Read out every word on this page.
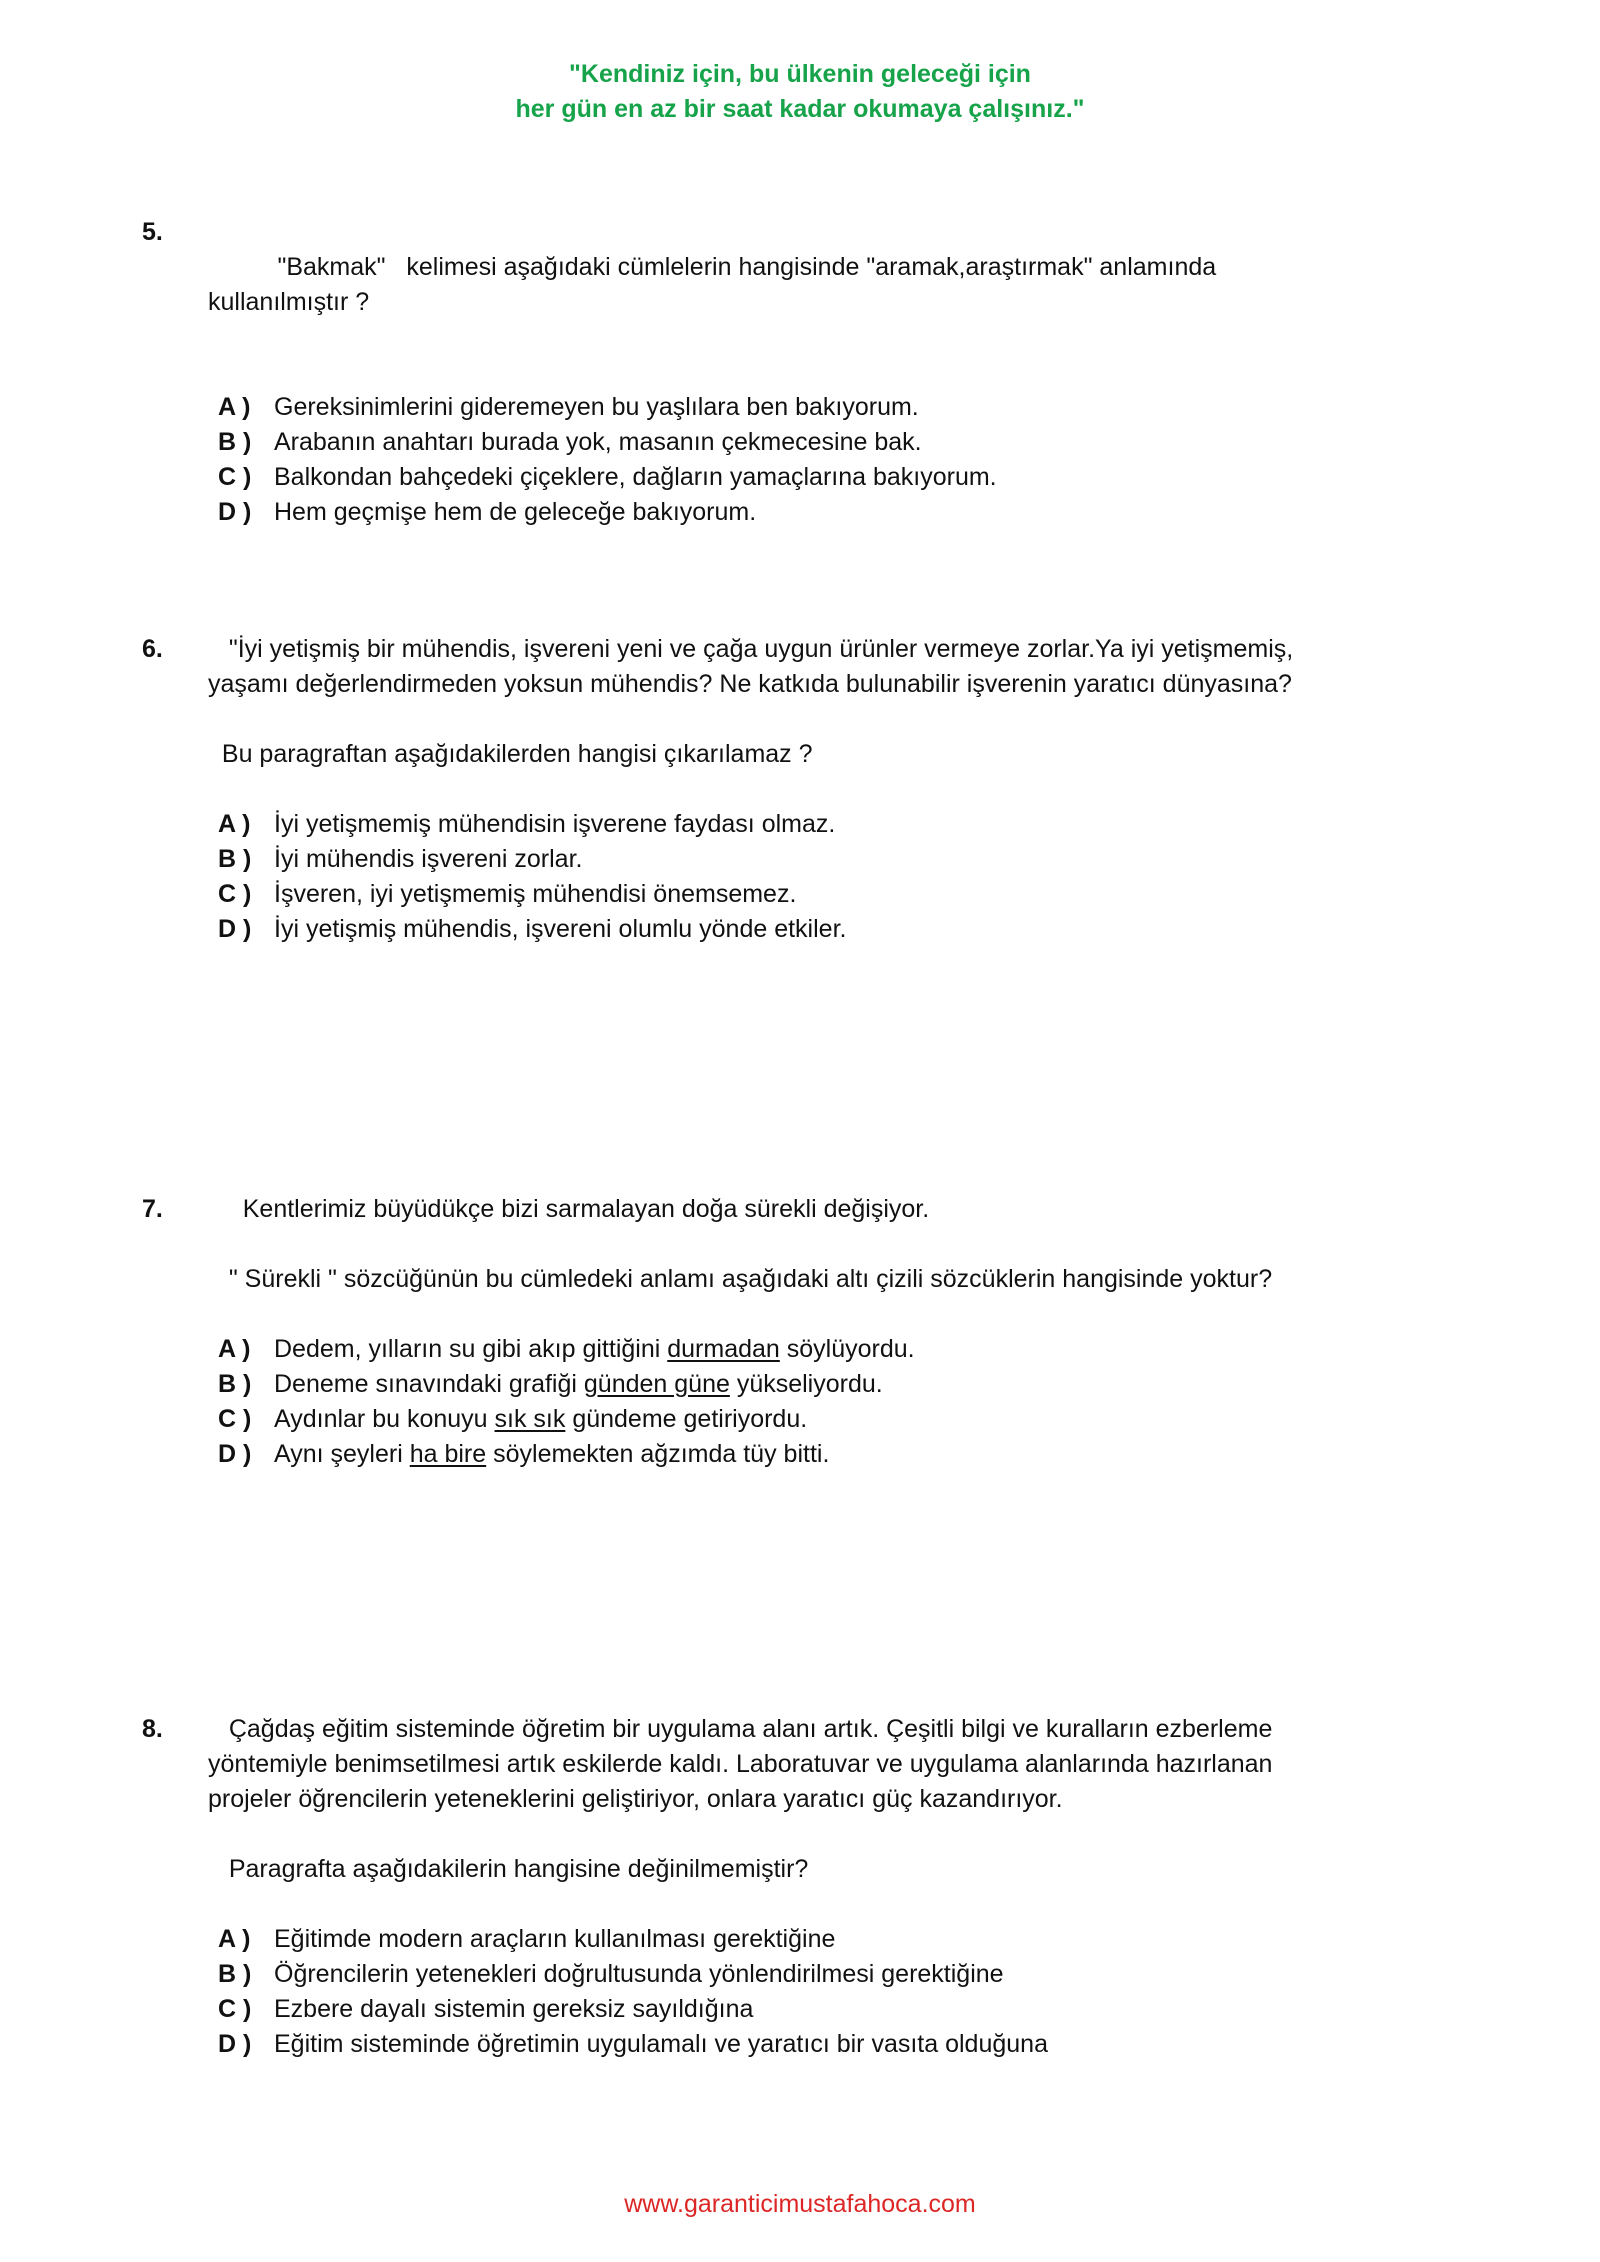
"Kendiniz için, bu ülkenin geleceği için
her gün en az bir saat kadar okumaya çalışınız."
5.

"Bakmak"   kelimesi aşağıdaki cümlelerin hangisinde "aramak,araştırmak" anlamında kullanılmıştır ?

A ) Gereksinimlerini gideremeyen bu yaşlılara ben bakıyorum.
B ) Arabanın anahtarı burada yok, masanın çekmecesine bak.
C ) Balkondan bahçedeki çiçeklere, dağların yamaçlarına bakıyorum.
D ) Hem geçmişe hem de geleceğe bakıyorum.
6.	"İyi yetişmiş bir mühendis, işvereni yeni ve çağa uygun ürünler vermeye zorlar.Ya iyi yetişmemiş, yaşamı değerlendirmeden yoksun mühendis? Ne katkıda bulunabilir işverenin yaratıcı dünyasına?
Bu paragraftan aşağıdakilerden hangisi çıkarılamaz ?
A ) İyi yetişmemiş mühendisin işverene faydası olmaz.
B ) İyi mühendis işvereni zorlar.
C ) İşveren, iyi yetişmemiş mühendisi önemsemez.
D ) İyi yetişmiş mühendis, işvereni olumlu yönde etkiler.
7.	Kentlerimiz büyüdükçe bizi sarmalayan doğa sürekli değişiyor.
" Sürekli " sözcüğünün bu cümledeki anlamı aşağıdaki altı çizili sözcüklerin hangisinde yoktur?
A ) Dedem, yılların su gibi akıp gittiğini durmadan söylüyordu.
B ) Deneme sınavındaki grafiği günden güne yükseliyordu.
C ) Aydınlar bu konuyu sık sık gündeme getiriyordu.
D ) Aynı şeyleri ha bire söylemekten ağzımda tüy bitti.
8.	Çağdaş eğitim sisteminde öğretim bir uygulama alanı artık. Çeşitli bilgi ve kuralların ezberleme yöntemiyle benimsetilmesi artık eskilerde kaldı. Laboratuvar ve uygulama alanlarında hazırlanan projeler öğrencilerin yeteneklerini geliştiriyor, onlara yaratıcı güç kazandırıyor.
Paragrafta aşağıdakilerin hangisine değinilmemiştir?
A ) Eğitimde modern araçların kullanılması gerektiğine
B ) Öğrencilerin yetenekleri doğrultusunda yönlendirilmesi gerektiğine
C ) Ezbere dayalı sistemin gereksiz sayıldığına
D ) Eğitim sisteminde öğretimin uygulamalı ve yaratıcı bir vasıta olduğuna
www.garanticimustafahoca.com
